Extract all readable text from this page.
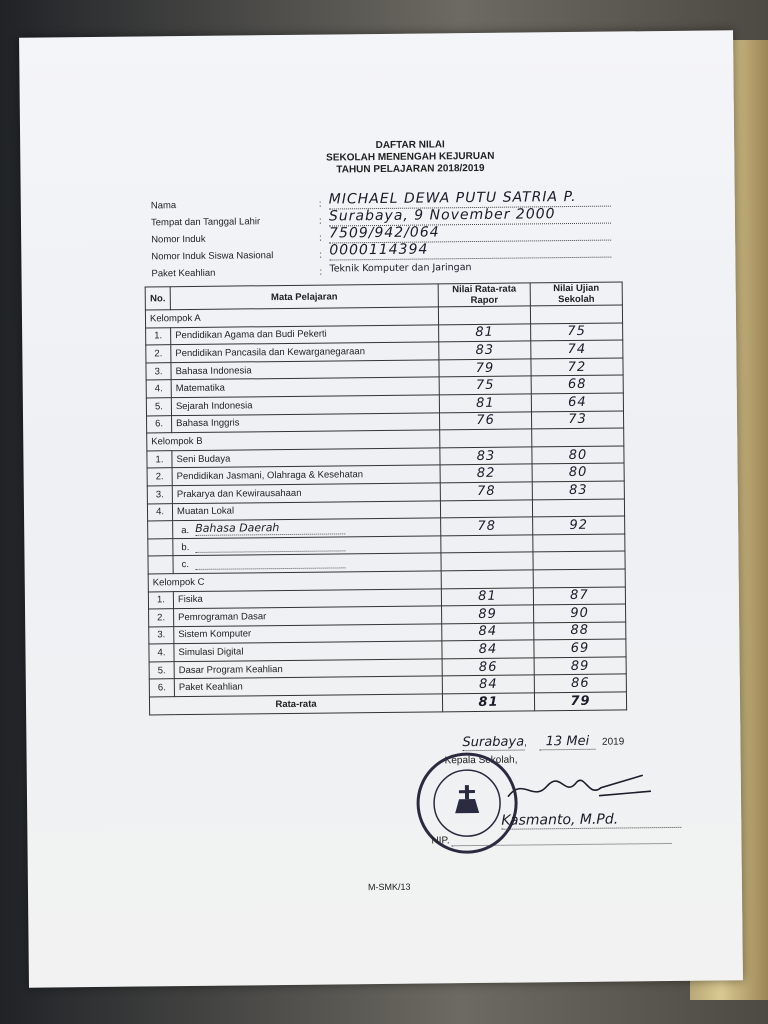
DAFTAR NILAI
SEKOLAH MENENGAH KEJURUAN
TAHUN PELAJARAN 2018/2019
Nama	: MICHAEL DEWA PUTU SATRIA P.
Tempat dan Tanggal Lahir	: Surabaya, 9 November 2000
Nomor Induk	: 7509/942/064
Nomor Induk Siswa Nasional	: 0000114394
Paket Keahlian	: Teknik Komputer dan Jaringan
No.	Mata Pelajaran	Nilai Rata-rata Rapor	Nilai Ujian Sekolah
Kelompok A			
1.	Pendidikan Agama dan Budi Pekerti	81	75
2.	Pendidikan Pancasila dan Kewarganegaraan	83	74
3.	Bahasa Indonesia	79	72
4.	Matematika	75	68
5.	Sejarah Indonesia	81	64
6.	Bahasa Inggris	76	73
Kelompok B			
1.	Seni Budaya	83	80
2.	Pendidikan Jasmani, Olahraga & Kesehatan	82	80
3.	Prakarya dan Kewirausahaan	78	83
4.	Muatan Lokal		
	a. Bahasa Daerah	78	92
	b.		
	c.		
Kelompok C			
1.	Fisika	81	87
2.	Pemrograman Dasar	89	90
3.	Sistem Komputer	84	88
4.	Simulasi Digital	84	69
5.	Dasar Program Keahlian	86	89
6.	Paket Keahlian	84	86
Rata-rata		81	79
Surabaya, 13 Mei 2019
Kepala Sekolah,
Kasmanto, M.Pd.
NIP.
M-SMK/13
